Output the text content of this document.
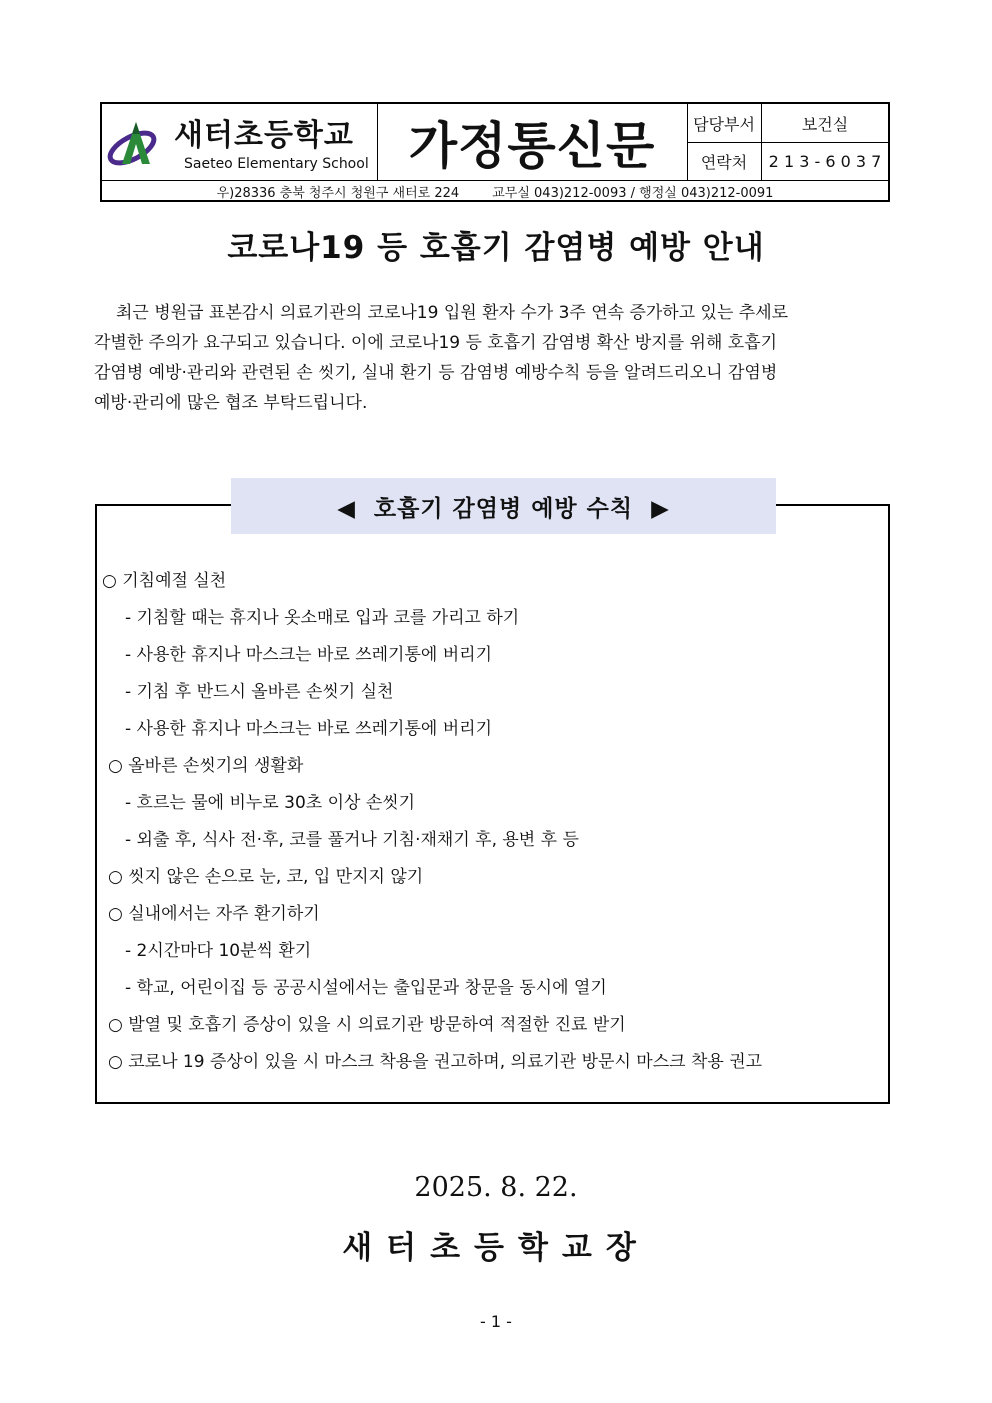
새터초등학교
Saeteo Elementary School 가정통신문	담당부서	보건실
연락처	2 1 3 - 6 0 3 7
우)28336 충북 청주시 청원구 새터로 224        교무실 043)212-0093 / 행정실 043)212-0091
코로나19 등 호흡기 감염병 예방 안내
최근 병원급 표본감시 의료기관의 코로나19 입원 환자 수가 3주 연속 증가하고 있는 추세로
각별한 주의가 요구되고 있습니다. 이에 코로나19 등 호흡기 감염병 확산 방지를 위해 호흡기
감염병 예방·관리와 관련된 손 씻기, 실내 환기 등 감염병 예방수칙 등을 알려드리오니 감염병
예방·관리에 많은 협조 부탁드립니다.
◀  호흡기 감염병 예방 수칙  ▶
○ 기침예절 실천
- 기침할 때는 휴지나 옷소매로 입과 코를 가리고 하기
- 사용한 휴지나 마스크는 바로 쓰레기통에 버리기
- 기침 후 반드시 올바른 손씻기 실천
- 사용한 휴지나 마스크는 바로 쓰레기통에 버리기
○ 올바른 손씻기의 생활화
- 흐르는 물에 비누로 30초 이상 손씻기
- 외출 후, 식사 전·후, 코를 풀거나 기침·재채기 후, 용변 후 등
○ 씻지 않은 손으로 눈, 코, 입 만지지 않기
○ 실내에서는 자주 환기하기
- 2시간마다 10분씩 환기
- 학교, 어린이집 등 공공시설에서는 출입문과 창문을 동시에 열기
○ 발열 및 호흡기 증상이 있을 시 의료기관 방문하여 적절한 진료 받기
○ 코로나 19 증상이 있을 시 마스크 착용을 권고하며, 의료기관 방문시 마스크 착용 권고
2025. 8. 22.
새터초등학교장
- 1 -
